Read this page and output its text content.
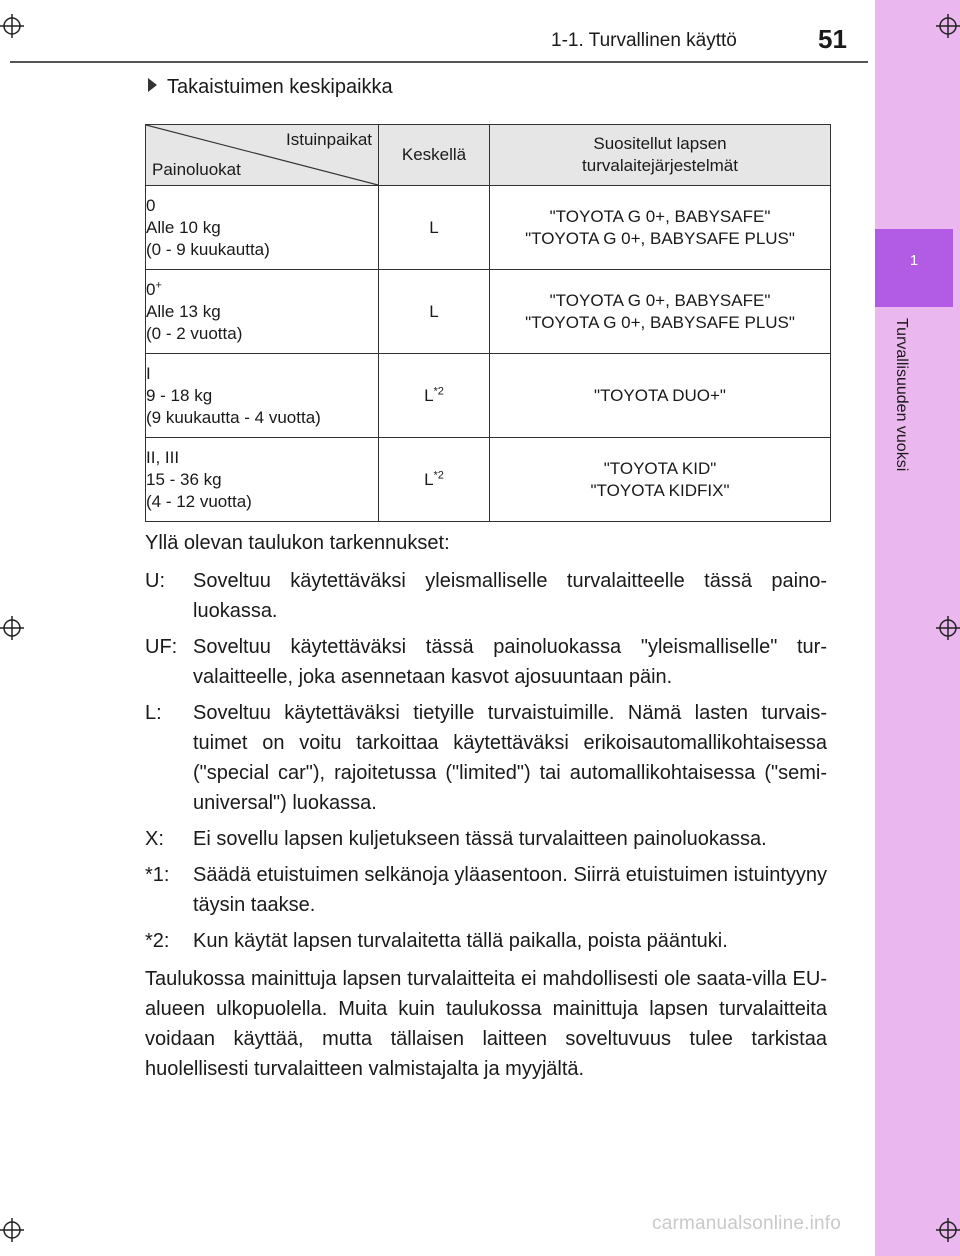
1
Turvallisuuden vuoksi
1-1. Turvallinen käyttö	51
Takaistuimen keskipaikka
Istuinpaikat
Painoluokat	Keskellä	Suositellut lapsen
turvalaitejärjestelmät
0
Alle 10 kg
(0 - 9 kuukautta)	L	"TOYOTA G 0+, BABYSAFE"
"TOYOTA G 0+, BABYSAFE PLUS"
0+
Alle 13 kg
(0 - 2 vuotta)	L	"TOYOTA G 0+, BABYSAFE"
"TOYOTA G 0+, BABYSAFE PLUS"
I
9 - 18 kg
(9 kuukautta - 4 vuotta)	$L^{*2}$	"TOYOTA DUO+"

II, III
15 - 36 kg
(4 - 12 vuotta)	$L^{*2}$	"TOYOTA KID"
"TOYOTA KIDFIX"

Yllä olevan taulukon tarkennukset:

U:	Soveltuu käytettäväksi yleismalliselle turvalaitteelle tässä paino-luokassa.
UF: Soveltuu käytettäväksi tässä painoluokassa "yleismalliselle" tur-valaitteelle, joka asennetaan kasvot ajosuuntaan päin.
L:	Soveltuu käytettäväksi tietyille turvaistuimille. Nämä lasten turvais-tuimet on voitu tarkoittaa käytettäväksi erikoisautomallikohtaisessa ("special car"), rajoitetussa ("limited") tai automallikohtaisessa ("semi-universal") luokassa.
X:	Ei sovellu lapsen kuljetukseen tässä turvalaitteen painoluokassa.
*1:	Säädä etuistuimen selkänoja yläasentoon. Siirrä etuistuimen istuintyyny täysin taakse.
*2:	Kun käytät lapsen turvalaitetta tällä paikalla, poista pääntuki.

Taulukossa mainittuja lapsen turvalaitteita ei mahdollisesti ole saata-villa EU-alueen ulkopuolella. Muita kuin taulukossa mainittuja lapsen turvalaitteita voidaan käyttää, mutta tällaisen laitteen soveltuvuus tulee tarkistaa huolellisesti turvalaitteen valmistajalta ja myyjältä.

carmanualsonline.info
